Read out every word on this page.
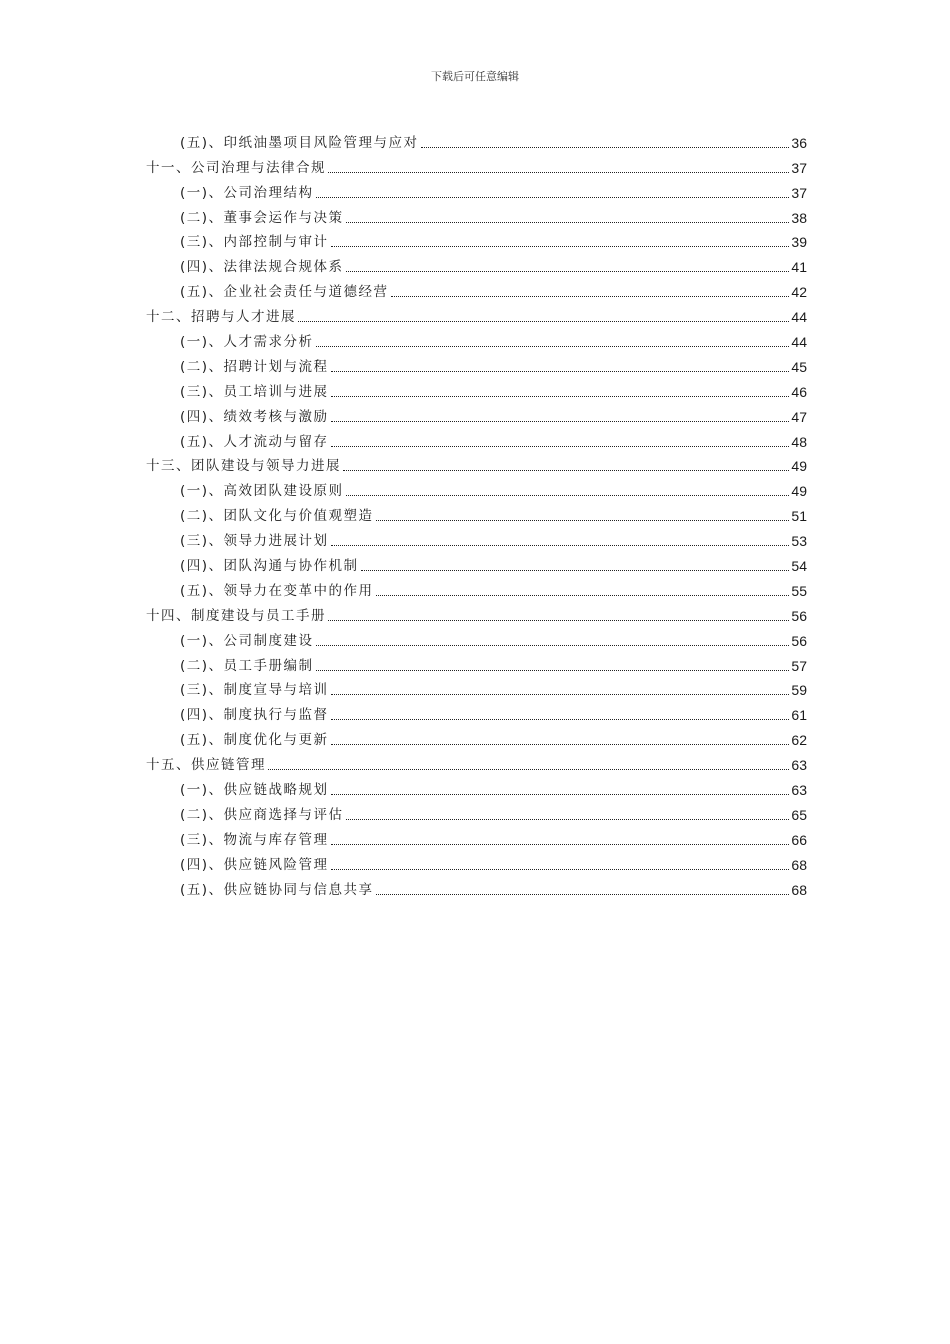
下载后可任意编辑
(五)、印纸油墨项目风险管理与应对	36
十一、公司治理与法律合规	37
(一)、公司治理结构	37
(二)、董事会运作与决策	38
(三)、内部控制与审计	39
(四)、法律法规合规体系	41
(五)、企业社会责任与道德经营	42
十二、招聘与人才进展	44
(一)、人才需求分析	44
(二)、招聘计划与流程	45
(三)、员工培训与进展	46
(四)、绩效考核与激励	47
(五)、人才流动与留存	48
十三、团队建设与领导力进展	49
(一)、高效团队建设原则	49
(二)、团队文化与价值观塑造	51
(三)、领导力进展计划	53
(四)、团队沟通与协作机制	54
(五)、领导力在变革中的作用	55
十四、制度建设与员工手册	56
(一)、公司制度建设	56
(二)、员工手册编制	57
(三)、制度宣导与培训	59
(四)、制度执行与监督	61
(五)、制度优化与更新	62
十五、供应链管理	63
(一)、供应链战略规划	63
(二)、供应商选择与评估	65
(三)、物流与库存管理	66
(四)、供应链风险管理	68
(五)、供应链协同与信息共享	68
